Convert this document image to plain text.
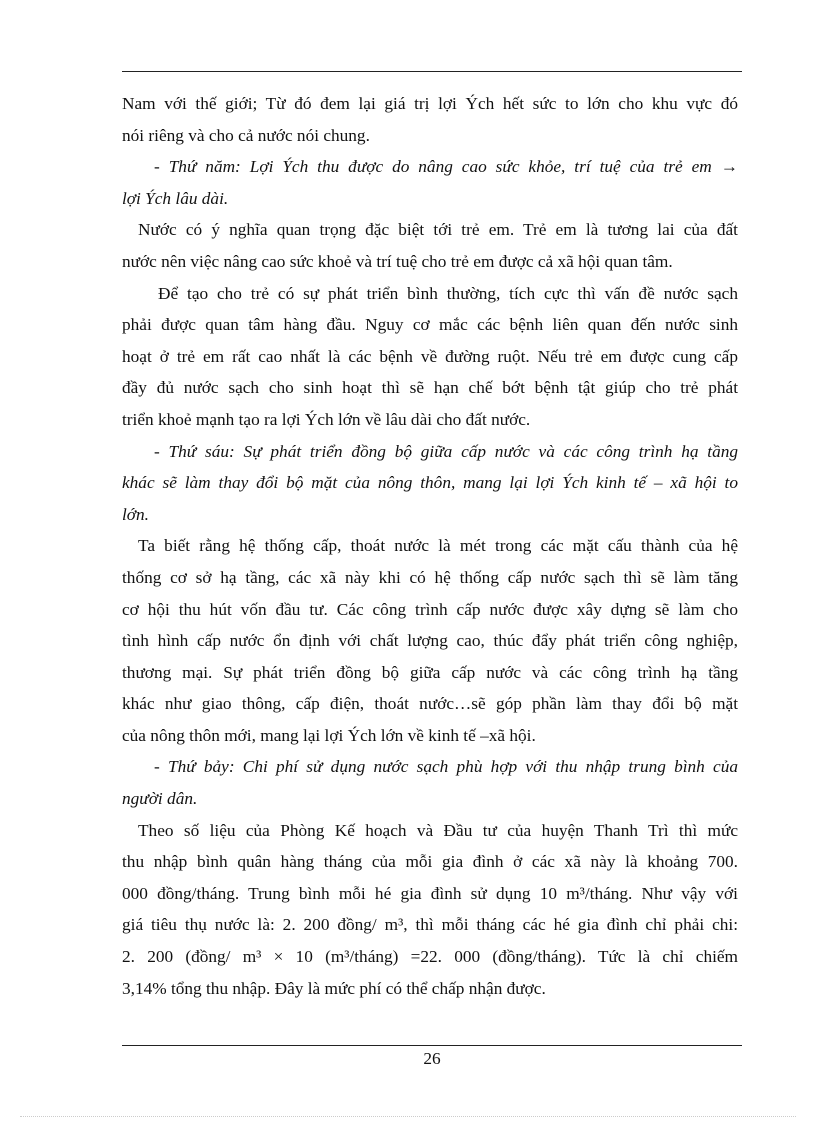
Nam với thế giới; Từ đó đem lại giá trị lợi Ých hết sức to lớn cho khu vực đó
nói riêng và cho cả nước nói chung.
- Thứ năm: Lợi Ých thu được do nâng cao sức khỏe, trí tuệ của trẻ em →
lợi Ých lâu dài.
Nước có ý nghĩa quan trọng đặc biệt tới trẻ em. Trẻ em là tương lai của đất
nước nên việc nâng cao sức khoẻ và trí tuệ cho trẻ em được cả xã hội quan tâm.
Để tạo cho trẻ có sự phát triển bình thường, tích cực thì vấn đề nước sạch
phải được quan tâm hàng đầu. Nguy cơ mắc các bệnh liên quan đến nước sinh
hoạt ở trẻ em rất cao nhất là các bệnh về đường ruột. Nếu trẻ em được cung cấp
đầy đủ nước sạch cho sinh hoạt thì sẽ hạn chế bớt bệnh tật giúp cho trẻ phát
triển khoẻ mạnh tạo ra lợi Ých lớn về lâu dài cho đất nước.
- Thứ sáu: Sự phát triển đồng bộ giữa cấp nước và các công trình hạ tầng
khác sẽ làm thay đổi bộ mặt của nông thôn, mang lại lợi Ých kinh tế – xã hội to
lớn.
Ta biết rằng hệ thống cấp, thoát nước là mét trong các mặt cấu thành của hệ
thống cơ sở hạ tầng, các xã này khi có hệ thống cấp nước sạch thì sẽ làm tăng
cơ hội thu hút vốn đầu tư. Các công trình cấp nước được xây dựng sẽ làm cho
tình hình cấp nước ổn định với chất lượng cao, thúc đẩy phát triển công nghiệp,
thương mại. Sự phát triển đồng bộ giữa cấp nước và các công trình hạ tầng
khác như giao thông, cấp điện, thoát nước…sẽ góp phần làm thay đổi bộ mặt
của nông thôn mới, mang lại lợi Ých lớn về kinh tế –xã hội.
- Thứ bảy: Chi phí sử dụng nước sạch phù hợp với thu nhập trung bình của
người dân.
Theo số liệu của Phòng Kế hoạch và Đầu tư của huyện Thanh Trì thì mức
thu nhập bình quân hàng tháng của mỗi gia đình ở các xã này là khoảng 700.
000 đồng/tháng. Trung bình mỗi hé gia đình sử dụng 10 m³/tháng. Như vậy với
giá tiêu thụ nước là: 2. 200 đồng/ m³, thì mỗi tháng các hé gia đình chỉ phải chi:
2. 200 (đồng/ m³ × 10 (m³/tháng) =22. 000 (đồng/tháng). Tức là chỉ chiếm
3,14% tổng thu nhập. Đây là mức phí có thể chấp nhận được.
26
